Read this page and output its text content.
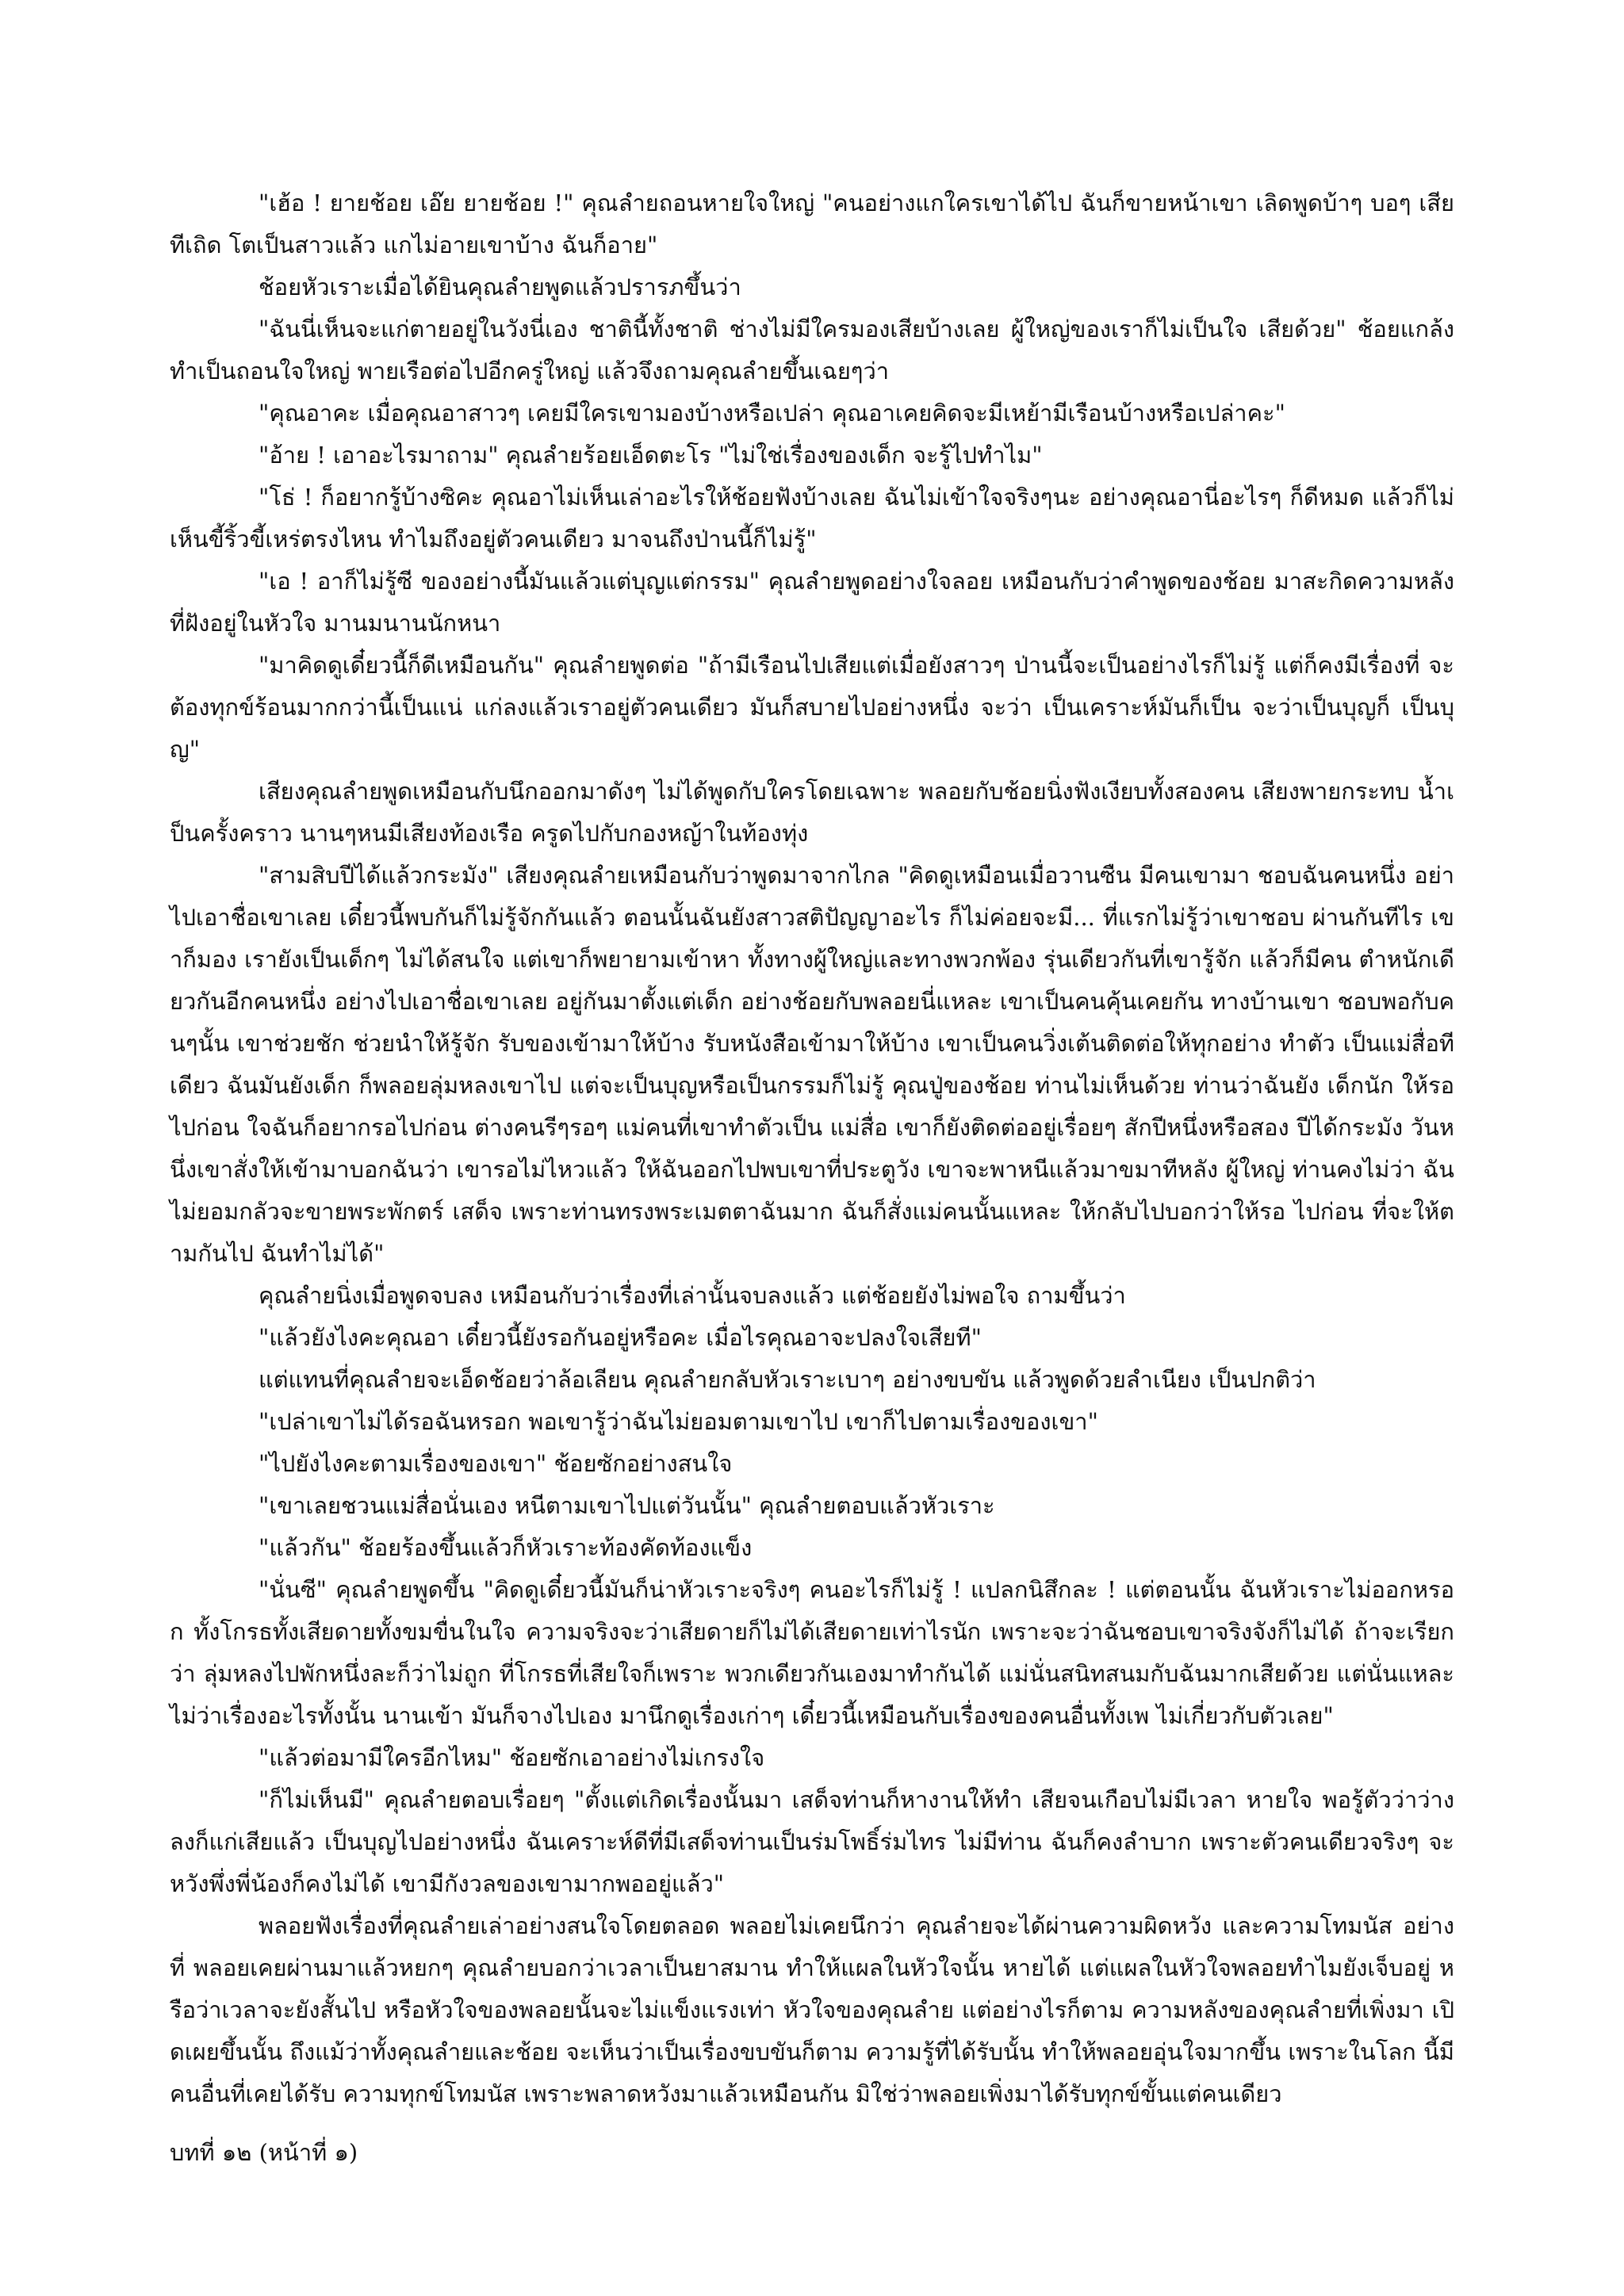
"เฮ้อ ! ยายช้อย เอ๊ย ยายช้อย !" คุณลำยถอนหายใจใหญ่ "คนอย่างแกใครเขาได้ไป ฉันก็ขายหน้าเขา เลิดพูดบ้าๆ บอๆ เสีย ทีเถิด โตเป็นสาวแล้ว แกไม่อายเขาบ้าง ฉันก็อาย"

ช้อยหัวเราะเมื่อได้ยินคุณลำยพูดแล้วปรารภขึ้นว่า

"ฉันนี่เห็นจะแก่ตายอยู่ในวังนี่เอง ชาตินี้ทั้งชาติ ช่างไม่มีใครมองเสียบ้างเลย ผู้ใหญ่ของเราก็ไม่เป็นใจ เสียด้วย" ช้อยแกล้ง ทำเป็นถอนใจใหญ่ พายเรือต่อไปอีกครู่ใหญ่ แล้วจึงถามคุณลำยขึ้นเฉยๆว่า

"คุณอาคะ เมื่อคุณอาสาวๆ เคยมีใครเขามองบ้างหรือเปล่า คุณอาเคยคิดจะมีเหย้ามีเรือนบ้างหรือเปล่าคะ"

"อ้าย ! เอาอะไรมาถาม" คุณลำยร้อยเอ็ดตะโร "ไม่ใช่เรื่องของเด็ก จะรู้ไปทำไม"

"โธ่ ! ก็อยากรู้บ้างซิคะ คุณอาไม่เห็นเล่าอะไรให้ช้อยฟังบ้างเลย ฉันไม่เข้าใจจริงๆนะ อย่างคุณอานี่อะไรๆ ก็ดีหมด แล้วก็ไม่ เห็นขี้ริ้วขี้เหร่ตรงไหน ทำไมถึงอยู่ตัวคนเดียว มาจนถึงป่านนี้ก็ไม่รู้"

"เอ ! อาก็ไม่รู้ซี ของอย่างนี้มันแล้วแต่บุญแต่กรรม" คุณลำยพูดอย่างใจลอย เหมือนกับว่าคำพูดของช้อย มาสะกิดความหลัง ที่ฝังอยู่ในหัวใจ มานมนานนักหนา

"มาคิดดูเดี๋ยวนี้ก็ดีเหมือนกัน" คุณลำยพูดต่อ "ถ้ามีเรือนไปเสียแต่เมื่อยังสาวๆ ป่านนี้จะเป็นอย่างไรก็ไม่รู้ แต่ก็คงมีเรื่องที่ จะต้องทุกข์ร้อนมากกว่านี้เป็นแน่ แก่ลงแล้วเราอยู่ตัวคนเดียว มันก็สบายไปอย่างหนึ่ง จะว่า เป็นเคราะห์มันก็เป็น จะว่าเป็นบุญก็ เป็นบุญ"

เสียงคุณลำยพูดเหมือนกับนึกออกมาดังๆ ไม่ได้พูดกับใครโดยเฉพาะ พลอยกับช้อยนิ่งฟังเงียบทั้งสองคน เสียงพายกระทบ น้ำเป็นครั้งคราว นานๆหนมีเสียงท้องเรือ ครูดไปกับกองหญ้าในท้องทุ่ง

"สามสิบปีได้แล้วกระมัง" เสียงคุณลำยเหมือนกับว่าพูดมาจากไกล "คิดดูเหมือนเมื่อวานซืน มีคนเขามา ชอบฉันคนหนึ่ง อย่า ไปเอาชื่อเขาเลย เดี๋ยวนี้พบกันก็ไม่รู้จักกันแล้ว ตอนนั้นฉันยังสาวสติปัญญาอะไร ก็ไม่ค่อยจะมี... ที่แรกไม่รู้ว่าเขาชอบ ผ่านกันทีไร เขาก็มอง เรายังเป็นเด็กๆ ไม่ได้สนใจ แต่เขาก็พยายามเข้าหา ทั้งทางผู้ใหญ่และทางพวกพ้อง รุ่นเดียวกันที่เขารู้จัก แล้วก็มีคน ตำหนักเดียวกันอีกคนหนึ่ง อย่างไปเอาชื่อเขาเลย อยู่กันมาตั้งแต่เด็ก อย่างช้อยกับพลอยนี่แหละ เขาเป็นคนคุ้นเคยกัน ทางบ้านเขา ชอบพอกับคนๆนั้น เขาช่วยชัก ช่วยนำให้รู้จัก รับของเข้ามาให้บ้าง รับหนังสือเข้ามาให้บ้าง เขาเป็นคนวิ่งเต้นติดต่อให้ทุกอย่าง ทำตัว เป็นแม่สื่อทีเดียว ฉันมันยังเด็ก ก็พลอยลุ่มหลงเขาไป แต่จะเป็นบุญหรือเป็นกรรมก็ไม่รู้ คุณปู่ของช้อย ท่านไม่เห็นด้วย ท่านว่าฉันยัง เด็กนัก ให้รอไปก่อน ใจฉันก็อยากรอไปก่อน ต่างคนรีๆรอๆ แม่คนที่เขาทำตัวเป็น แม่สื่อ เขาก็ยังติดต่ออยู่เรื่อยๆ สักปีหนึ่งหรือสอง ปีได้กระมัง วันหนึ่งเขาสั่งให้เข้ามาบอกฉันว่า เขารอไม่ไหวแล้ว ให้ฉันออกไปพบเขาที่ประตูวัง เขาจะพาหนีแล้วมาขมาทีหลัง ผู้ใหญ่ ท่านคงไม่ว่า ฉันไม่ยอมกลัวจะขายพระพักตร์ เสด็จ เพราะท่านทรงพระเมตตาฉันมาก ฉันก็สั่งแม่คนนั้นแหละ ให้กลับไปบอกว่าให้รอ ไปก่อน ที่จะให้ตามกันไป ฉันทำไม่ได้"

คุณลำยนิ่งเมื่อพูดจบลง เหมือนกับว่าเรื่องที่เล่านั้นจบลงแล้ว แต่ช้อยยังไม่พอใจ ถามขึ้นว่า

"แล้วยังไงคะคุณอา เดี๋ยวนี้ยังรอกันอยู่หรือคะ เมื่อไรคุณอาจะปลงใจเสียที"

แต่แทนที่คุณลำยจะเอ็ดช้อยว่าล้อเลียน คุณลำยกลับหัวเราะเบาๆ อย่างขบขัน แล้วพูดด้วยลำเนียง เป็นปกติว่า

"เปล่าเขาไม่ได้รอฉันหรอก พอเขารู้ว่าฉันไม่ยอมตามเขาไป เขาก็ไปตามเรื่องของเขา"

"ไปยังไงคะตามเรื่องของเขา" ช้อยซักอย่างสนใจ

"เขาเลยชวนแม่สื่อนั่นเอง หนีตามเขาไปแต่วันนั้น" คุณลำยตอบแล้วหัวเราะ

"แล้วกัน" ช้อยร้องขึ้นแล้วก็หัวเราะท้องคัดท้องแข็ง

"นั่นซี" คุณลำยพูดขึ้น "คิดดูเดี๋ยวนี้มันก็น่าหัวเราะจริงๆ คนอะไรก็ไม่รู้ ! แปลกนิสึกละ ! แต่ตอนนั้น ฉันหัวเราะไม่ออกหรอก ทั้งโกรธทั้งเสียดายทั้งขมขื่นในใจ ความจริงจะว่าเสียดายก็ไม่ได้เสียดายเท่าไรนัก เพราะจะว่าฉันชอบเขาจริงจังก็ไม่ได้ ถ้าจะเรียกว่า ลุ่มหลงไปพักหนึ่งละก็ว่าไม่ถูก ที่โกรธที่เสียใจก็เพราะ พวกเดียวกันเองมาทำกันได้ แม่นั่นสนิทสนมกับฉันมากเสียด้วย แต่นั่นแหละ ไม่ว่าเรื่องอะไรทั้งนั้น นานเข้า มันก็จางไปเอง มานึกดูเรื่องเก่าๆ เดี๋ยวนี้เหมือนกับเรื่องของคนอื่นทั้งเพ ไม่เกี่ยวกับตัวเลย"

"แล้วต่อมามีใครอีกไหม" ช้อยซักเอาอย่างไม่เกรงใจ

"ก็ไม่เห็นมี" คุณลำยตอบเรื่อยๆ "ตั้งแต่เกิดเรื่องนั้นมา เสด็จท่านก็หางานให้ทำ เสียจนเกือบไม่มีเวลา หายใจ พอรู้ตัวว่าว่าง ลงก็แก่เสียแล้ว เป็นบุญไปอย่างหนึ่ง ฉันเคราะห์ดีที่มีเสด็จท่านเป็นร่มโพธิ์ร่มไทร ไม่มีท่าน ฉันก็คงลำบาก เพราะตัวคนเดียวจริงๆ จะหวังพึ่งพี่น้องก็คงไม่ได้ เขามีกังวลของเขามากพออยู่แล้ว"

พลอยฟังเรื่องที่คุณลำยเล่าอย่างสนใจโดยตลอด พลอยไม่เคยนึกว่า คุณลำยจะได้ผ่านความผิดหวัง และความโทมนัส อย่างที่ พลอยเคยผ่านมาแล้วหยกๆ คุณลำยบอกว่าเวลาเป็นยาสมาน ทำให้แผลในหัวใจนั้น หายได้ แต่แผลในหัวใจพลอยทำไมยังเจ็บอยู่ หรือว่าเวลาจะยังสั้นไป หรือหัวใจของพลอยนั้นจะไม่แข็งแรงเท่า หัวใจของคุณลำย แต่อย่างไรก็ตาม ความหลังของคุณลำยที่เพิ่งมา เปิดเผยขึ้นนั้น ถึงแม้ว่าทั้งคุณลำยและช้อย จะเห็นว่าเป็นเรื่องขบขันก็ตาม ความรู้ที่ได้รับนั้น ทำให้พลอยอุ่นใจมากขึ้น เพราะในโลก นี้มีคนอื่นที่เคยได้รับ ความทุกข์โทมนัส เพราะพลาดหวังมาแล้วเหมือนกัน มิใช่ว่าพลอยเพิ่งมาได้รับทุกข์ขั้นแต่คนเดียว

บทที่ ๑๒ (หน้าที่ ๑)
